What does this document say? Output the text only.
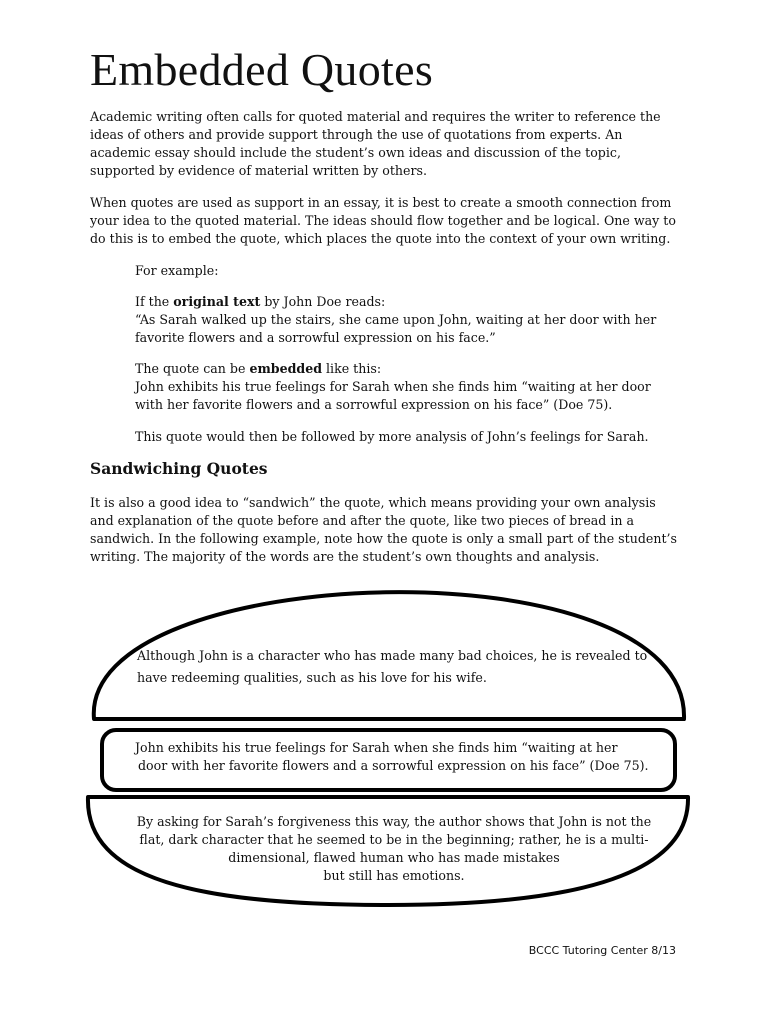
Embedded Quotes

Academic writing often calls for quoted material and requires the writer to reference the
ideas of others and provide support through the use of quotations from experts. An
academic essay should include the student’s own ideas and discussion of the topic,
supported by evidence of material written by others.

When quotes are used as support in an essay, it is best to create a smooth connection from
your idea to the quoted material. The ideas should flow together and be logical. One way to
do this is to embed the quote, which places the quote into the context of your own writing.

For example:

If the original text by John Doe reads:
“As Sarah walked up the stairs, she came upon John, waiting at her door with her
favorite flowers and a sorrowful expression on his face.”

The quote can be embedded like this:
John exhibits his true feelings for Sarah when she finds him “waiting at her door
with her favorite flowers and a sorrowful expression on his face” (Doe 75).

This quote would then be followed by more analysis of John’s feelings for Sarah.

Sandwiching Quotes

It is also a good idea to “sandwich” the quote, which means providing your own analysis
and explanation of the quote before and after the quote, like two pieces of bread in a
sandwich. In the following example, note how the quote is only a small part of the student’s
writing. The majority of the words are the student’s own thoughts and analysis.

Although John is a character who has made many bad choices, he is revealed to
have redeeming qualities, such as his love for his wife.

John exhibits his true feelings for Sarah when she finds him “waiting at her
door with her favorite flowers and a sorrowful expression on his face” (Doe 75).

By asking for Sarah’s forgiveness this way, the author shows that John is not the
flat, dark character that he seemed to be in the beginning; rather, he is a multi-
dimensional, flawed human who has made mistakes
but still has emotions.

BCCC Tutoring Center 8/13
